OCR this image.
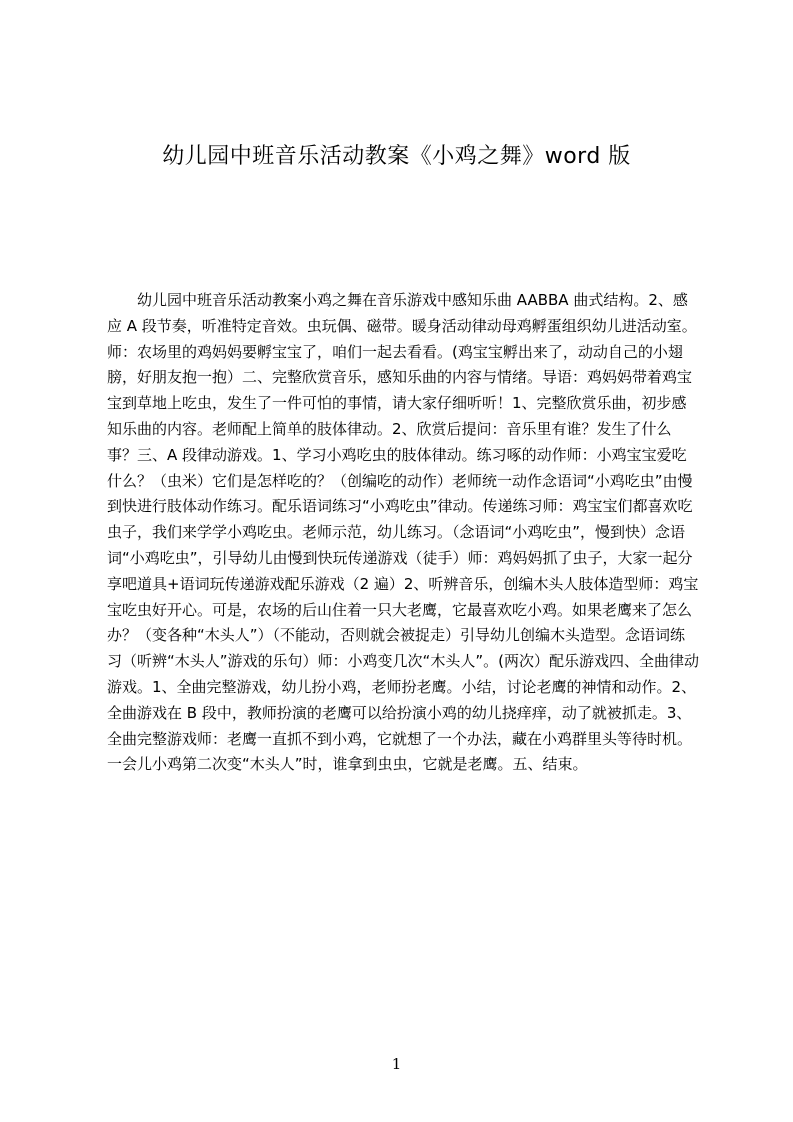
幼儿园中班音乐活动教案《小鸡之舞》word 版
幼儿园中班音乐活动教案小鸡之舞在音乐游戏中感知乐曲 AABBA 曲式结构。2、感应 A 段节奏，听准特定音效。虫玩偶、磁带。暖身活动律动母鸡孵蛋组织幼儿进活动室。师：农场里的鸡妈妈要孵宝宝了，咱们一起去看看。(鸡宝宝孵出来了，动动自己的小翅膀，好朋友抱一抱）二、完整欣赏音乐，感知乐曲的内容与情绪。导语：鸡妈妈带着鸡宝宝到草地上吃虫，发生了一件可怕的事情，请大家仔细听听！1、完整欣赏乐曲，初步感知乐曲的内容。老师配上简单的肢体律动。2、欣赏后提问：音乐里有谁？发生了什么事？三、A 段律动游戏。1、学习小鸡吃虫的肢体律动。练习啄的动作师：小鸡宝宝爱吃什么？（虫米）它们是怎样吃的？（创编吃的动作）老师统一动作念语词“小鸡吃虫”由慢到快进行肢体动作练习。配乐语词练习“小鸡吃虫”律动。传递练习师：鸡宝宝们都喜欢吃虫子，我们来学学小鸡吃虫。老师示范，幼儿练习。（念语词“小鸡吃虫”，慢到快）念语词“小鸡吃虫”，引导幼儿由慢到快玩传递游戏（徒手）师：鸡妈妈抓了虫子，大家一起分享吧道具+语词玩传递游戏配乐游戏（2 遍）2、听辨音乐，创编木头人肢体造型师：鸡宝宝吃虫好开心。可是，农场的后山住着一只大老鹰，它最喜欢吃小鸡。如果老鹰来了怎么办？（变各种“木头人”）（不能动，否则就会被捉走）引导幼儿创编木头造型。念语词练习（听辨“木头人”游戏的乐句）师：小鸡变几次“木头人”。(两次）配乐游戏四、全曲律动游戏。1、全曲完整游戏，幼儿扮小鸡，老师扮老鹰。小结，讨论老鹰的神情和动作。2、全曲游戏在 B 段中，教师扮演的老鹰可以给扮演小鸡的幼儿挠痒痒，动了就被抓走。3、全曲完整游戏师：老鹰一直抓不到小鸡，它就想了一个办法，藏在小鸡群里头等待时机。一会儿小鸡第二次变“木头人”时，谁拿到虫虫，它就是老鹰。五、结束。
1
